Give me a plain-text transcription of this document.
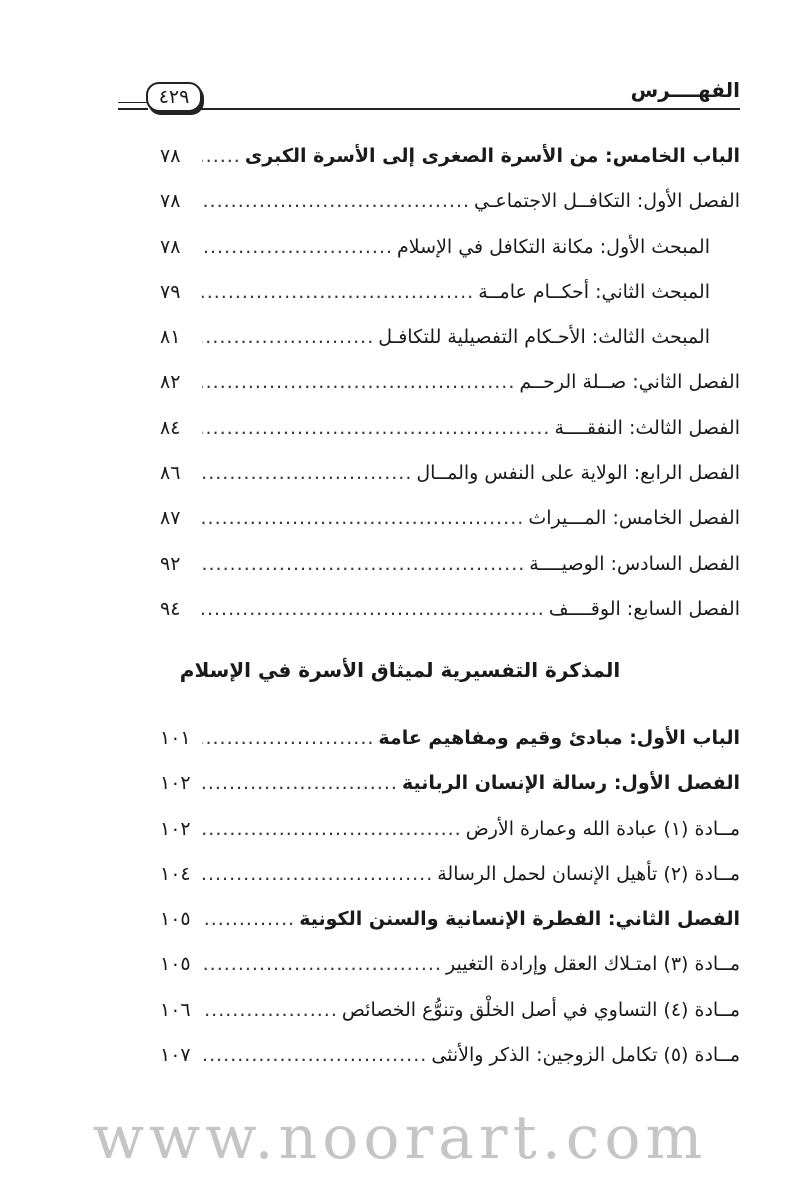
الفهــــرس
٤٢٩
الباب الخامس: من الأسرة الصغرى إلى الأسرة الكبرى
.....
٧٨
الفصل الأول: التكافــل الاجتماعـي
.....
٧٨
المبحث الأول: مكانة التكافل في الإسلام
.....
٧٨
المبحث الثاني: أحكــام عامــة
.....
٧٩
المبحث الثالث: الأحـكام التفصيلية للتكافـل
.....
٨١
الفصل الثاني: صــلة الرحــم
.....
٨٢
الفصل الثالث: النفقــــة
.....
٨٤
الفصل الرابع: الولاية على النفس والمــال
.....
٨٦
الفصل الخامس: المـــيراث
.....
٨٧
الفصل السادس: الوصيــــة
.....
٩٢
الفصل السابع: الوقــــف
.....
٩٤
المذكرة التفسيرية لميثاق الأسرة في الإسلام
الباب الأول: مبادئ وقيم ومفاهيم عامة
.....
١٠١
الفصل الأول: رسالة الإنسان الربانية
.....
١٠٢
مــادة (١) عبادة الله وعمارة الأرض
.....
١٠٢
مــادة (٢) تأهيل الإنسان لحمل الرسالة
.....
١٠٤
الفصل الثاني: الفطرة الإنسانية والسنن الكونية
.....
١٠٥
مــادة (٣) امتـلاك العقل وإرادة التغيير
.....
١٠٥
مــادة (٤) التساوي في أصل الخلْق وتنوُّع الخصائص
.....
١٠٦
مــادة (٥) تكامل الزوجين: الذكر والأنثى
.....
١٠٧
www.noorart.com
